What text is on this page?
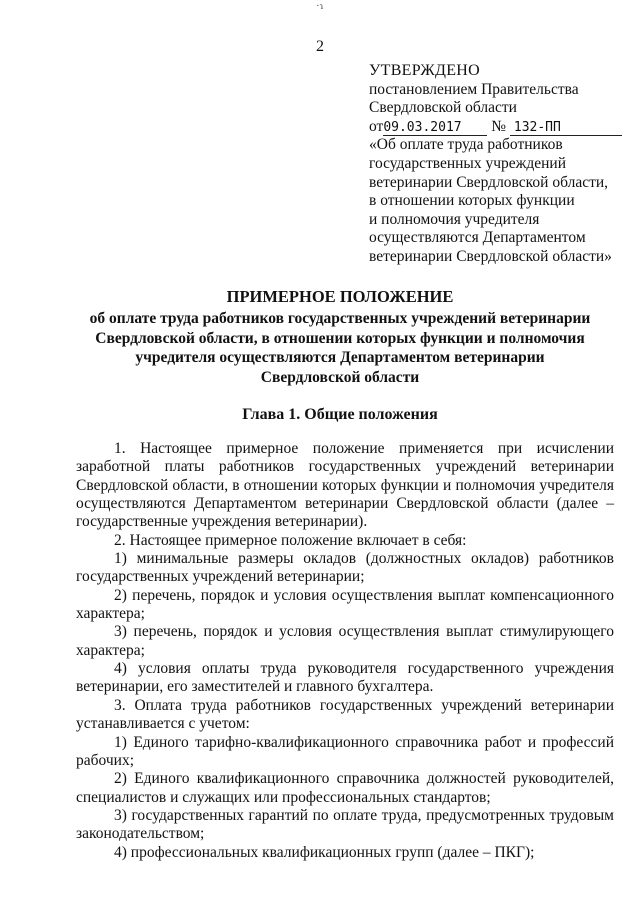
·ɿ
2
УТВЕРЖДЕНО
постановлением Правительства
Свердловской области
от09.03.2017 № 132-ПП
«Об оплате труда работников
государственных учреждений
ветеринарии Свердловской области,
в отношении которых функции
и полномочия учредителя
осуществляются Департаментом
ветеринарии Свердловской области»
ПРИМЕРНОЕ ПОЛОЖЕНИЕ
об оплате труда работников государственных учреждений ветеринарии
Свердловской области, в отношении которых функции и полномочия
учредителя осуществляются Департаментом ветеринарии
Свердловской области
Глава 1. Общие положения

1. Настоящее примерное положение применяется при исчислении заработной платы работников государственных учреждений ветеринарии Свердловской области, в отношении которых функции и полномочия учредителя осуществляются Департаментом ветеринарии Свердловской области (далее – государственные учреждения ветеринарии).

2. Настоящее примерное положение включает в себя:

1) минимальные размеры окладов (должностных окладов) работников государственных учреждений ветеринарии;

2) перечень, порядок и условия осуществления выплат компенсационного характера;

3) перечень, порядок и условия осуществления выплат стимулирующего характера;

4) условия оплаты труда руководителя государственного учреждения ветеринарии, его заместителей и главного бухгалтера.

3. Оплата труда работников государственных учреждений ветеринарии устанавливается с учетом:

1) Единого тарифно-квалификационного справочника работ и профессий рабочих;

2) Единого квалификационного справочника должностей руководителей, специалистов и служащих или профессиональных стандартов;

3) государственных гарантий по оплате труда, предусмотренных трудовым законодательством;

4) профессиональных квалификационных групп (далее – ПКГ);
